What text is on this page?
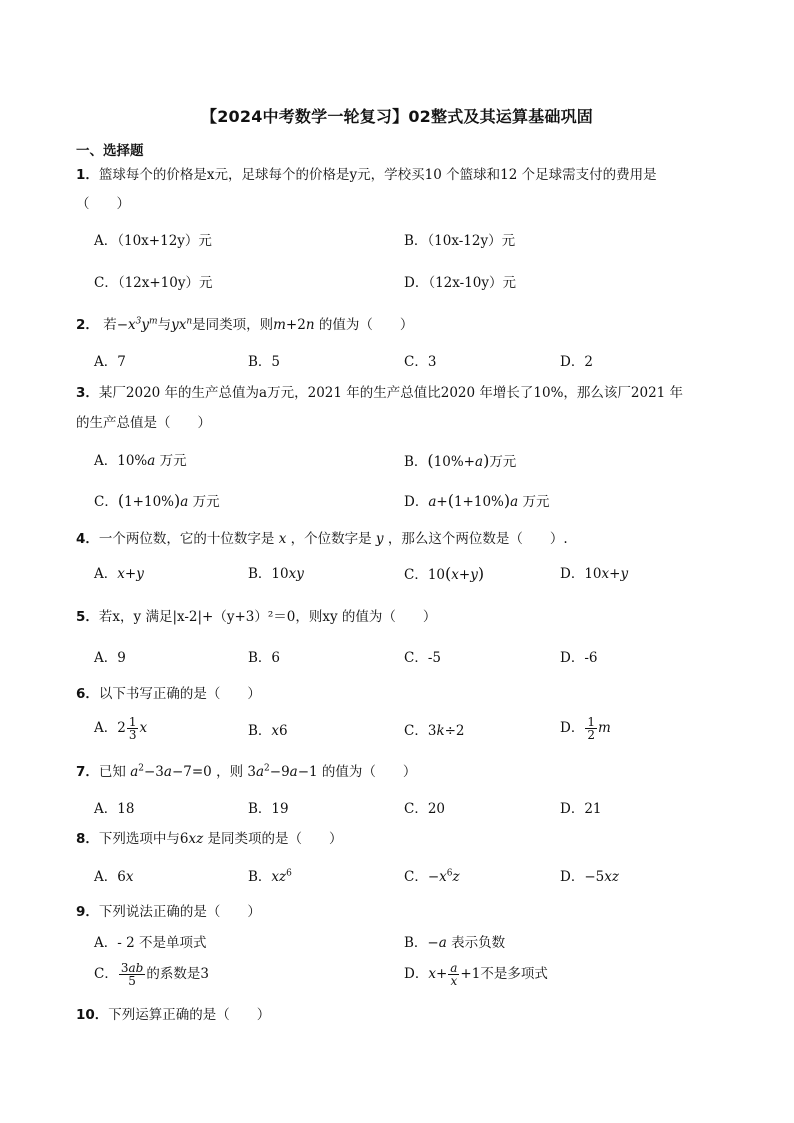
【2024中考数学一轮复习】02整式及其运算基础巩固
一、选择题
1．篮球每个的价格是x元，足球每个的价格是y元，学校买10 个篮球和12 个足球需支付的费用是
（　　）
A．（10x+12y）元	B．（10x-12y）元
C．（12x+10y）元	D．（12x-10y）元
2． 若$-x^3y^m$与$yx^n$是同类项，则m+2n 的值为（　　）
A．7	B．5	C．3	D．2
3．某厂2020 年的生产总值为a万元，2021 年的生产总值比2020 年增长了10%，那么该厂2021 年
的生产总值是（　　）
A．10%a 万元	B．(10%+a)万元
C．(1+10%)a 万元	D．a+(1+10%)a 万元
4．一个两位数，它的十位数字是 x ，个位数字是 y ，那么这个两位数是（　　）.
A．x+y	B．10xy	C．10(x+y)	D．10x+y
5．若x，y 满足|x-2|+（y+3）²＝0，则xy 的值为（　　）
A．9	B．6	C．-5	D．-6
6．以下书写正确的是（　　）
A．$2 \frac{1}{3}$ x	B．x6	C．3k÷2	D． $\frac{1}{2}$ m
7．已知 $a^2-3a-7=0$ ，则 $3a^2-9a-1$ 的值为（　　）
A．18	B．19	C．20	D．21
8．下列选项中与6xz 是同类项的是（　　）
A．6x	B．$xz^6$	C．$-x^6z$	D．−5xz
9．下列说法正确的是（　　）
A．- 2 不是单项式	B．−a 表示负数
C． $\frac{3ab}{5}$ 的系数是3	D．$x+ \frac{a}{x} +1$不是多项式
10．下列运算正确的是（　　）
